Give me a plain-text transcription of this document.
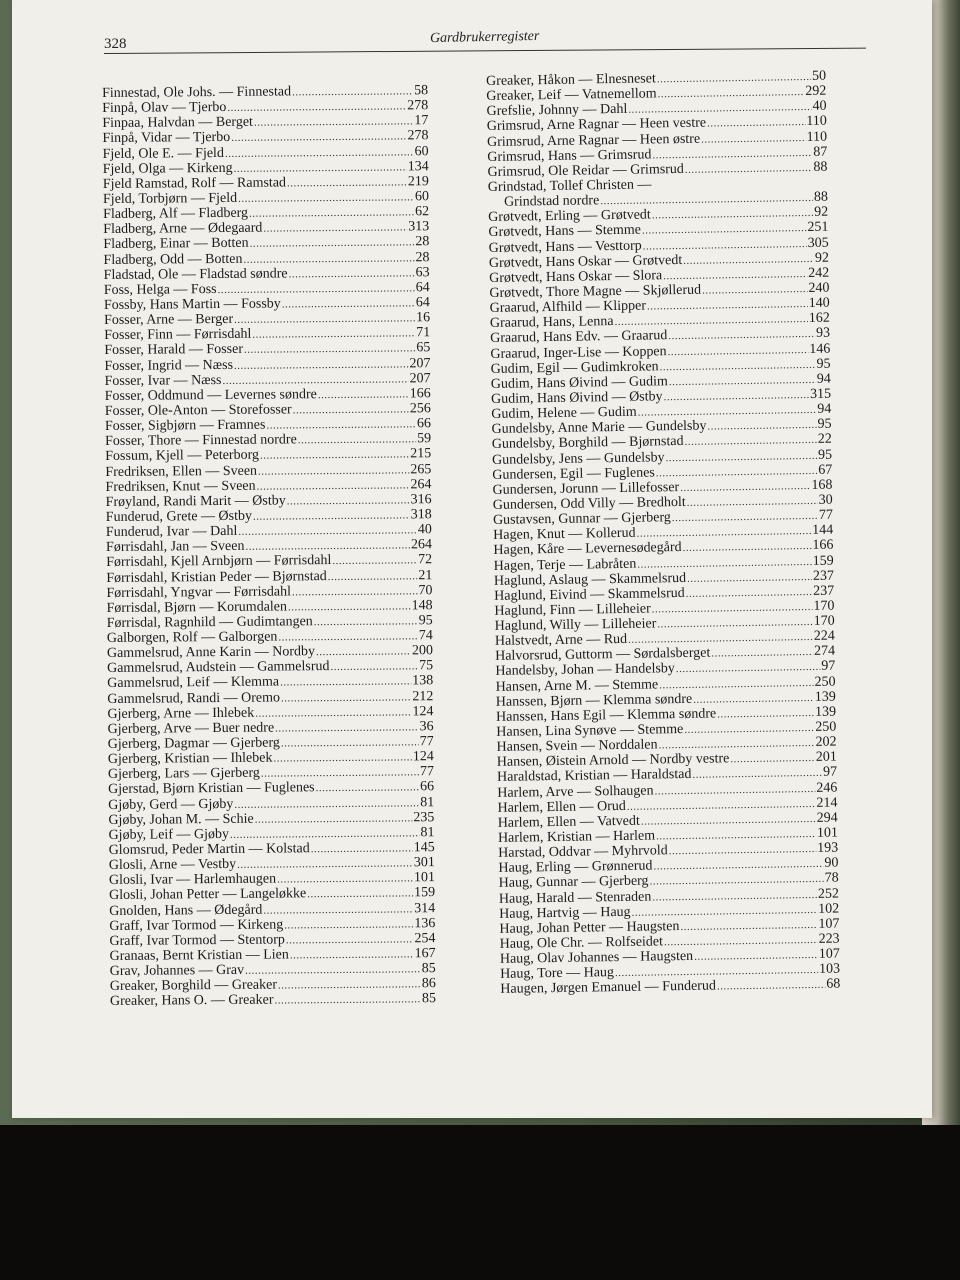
328	Gardbrukerregister
Finnestad, Ole Johs. — Finnestad .....	58
Finpå, Olav — Tjerbo .....	278
Finpaa, Halvdan — Berget .....	17
Finpå, Vidar — Tjerbo .....	278
Fjeld, Ole E. — Fjeld .....	60
Fjeld, Olga — Kirkeng .....	134
Fjeld Ramstad, Rolf — Ramstad .....	219
Fjeld, Torbjørn — Fjeld .....	60
Fladberg, Alf — Fladberg .....	62
Fladberg, Arne — Ødegaard .....	313
Fladberg, Einar — Botten .....	28
Fladberg, Odd — Botten .....	28
Fladstad, Ole — Fladstad søndre .....	63
Foss, Helga — Foss .....	64
Fossby, Hans Martin — Fossby .....	64
Fosser, Arne — Berger .....	16
Fosser, Finn — Førrisdahl .....	71
Fosser, Harald — Fosser .....	65
Fosser, Ingrid — Næss .....	207
Fosser, Ivar — Næss .....	207
Fosser, Oddmund — Levernes søndre .....	166
Fosser, Ole-Anton — Storefosser .....	256
Fosser, Sigbjørn — Framnes .....	66
Fosser, Thore — Finnestad nordre .....	59
Fossum, Kjell — Peterborg .....	215
Fredriksen, Ellen — Sveen .....	265
Fredriksen, Knut — Sveen .....	264
Frøyland, Randi Marit — Østby .....	316
Funderud, Grete — Østby .....	318
Funderud, Ivar — Dahl .....	40
Førrisdahl, Jan — Sveen .....	264
Førrisdahl, Kjell Arnbjørn — Førrisdahl .....	72
Førrisdahl, Kristian Peder — Bjørnstad .....	21
Førrisdahl, Yngvar — Førrisdahl .....	70
Førrisdal, Bjørn — Korumdalen .....	148
Førrisdal, Ragnhild — Gudimtangen .....	95
Galborgen, Rolf — Galborgen .....	74
Gammelsrud, Anne Karin — Nordby .....	200
Gammelsrud, Audstein — Gammelsrud .....	75
Gammelsrud, Leif — Klemma .....	138
Gammelsrud, Randi — Oremo .....	212
Gjerberg, Arne — Ihlebek .....	124
Gjerberg, Arve — Buer nedre .....	36
Gjerberg, Dagmar — Gjerberg .....	77
Gjerberg, Kristian — Ihlebek .....	124
Gjerberg, Lars — Gjerberg .....	77
Gjerstad, Bjørn Kristian — Fuglenes .....	66
Gjøby, Gerd — Gjøby .....	81
Gjøby, Johan M. — Schie .....	235
Gjøby, Leif — Gjøby .....	81
Glomsrud, Peder Martin — Kolstad .....	145
Glosli, Arne — Vestby .....	301
Glosli, Ivar — Harlemhaugen .....	101
Glosli, Johan Petter — Langeløkke .....	159
Gnolden, Hans — Ødegård .....	314
Graff, Ivar Tormod — Kirkeng .....	136
Graff, Ivar Tormod — Stentorp .....	254
Granaas, Bernt Kristian — Lien .....	167
Grav, Johannes — Grav .....	85
Greaker, Borghild — Greaker .....	86
Greaker, Hans O. — Greaker .....	85
Greaker, Håkon — Elnesneset .....	50
Greaker, Leif — Vatnemellom .....	292
Grefslie, Johnny — Dahl .....	40
Grimsrud, Arne Ragnar — Heen vestre .....	110
Grimsrud, Arne Ragnar — Heen østre .....	110
Grimsrud, Hans — Grimsrud .....	87
Grimsrud, Ole Reidar — Grimsrud .....	88
Grindstad, Tollef Christen —
Grindstad nordre .....	88
Grøtvedt, Erling — Grøtvedt .....	92
Grøtvedt, Hans — Stemme .....	251
Grøtvedt, Hans — Vesttorp .....	305
Grøtvedt, Hans Oskar — Grøtvedt .....	92
Grøtvedt, Hans Oskar — Slora .....	242
Grøtvedt, Thore Magne — Skjøllerud .....	240
Graarud, Alfhild — Klipper .....	140
Graarud, Hans, Lenna .....	162
Graarud, Hans Edv. — Graarud .....	93
Graarud, Inger-Lise — Koppen .....	146
Gudim, Egil — Gudimkroken .....	95
Gudim, Hans Øivind — Gudim .....	94
Gudim, Hans Øivind — Østby .....	315
Gudim, Helene — Gudim .....	94
Gundelsby, Anne Marie — Gundelsby .....	95
Gundelsby, Borghild — Bjørnstad .....	22
Gundelsby, Jens — Gundelsby .....	95
Gundersen, Egil — Fuglenes .....	67
Gundersen, Jorunn — Lillefosser .....	168
Gundersen, Odd Villy — Bredholt .....	30
Gustavsen, Gunnar — Gjerberg .....	77
Hagen, Knut — Kollerud .....	144
Hagen, Kåre — Levernesødegård .....	166
Hagen, Terje — Labråten .....	159
Haglund, Aslaug — Skammelsrud .....	237
Haglund, Eivind — Skammelsrud .....	237
Haglund, Finn — Lilleheier .....	170
Haglund, Willy — Lilleheier .....	170
Halstvedt, Arne — Rud .....	224
Halvorsrud, Guttorm — Sørdalsberget .....	274
Handelsby, Johan — Handelsby .....	97
Hansen, Arne M. — Stemme .....	250
Hanssen, Bjørn — Klemma søndre .....	139
Hanssen, Hans Egil — Klemma søndre .....	139
Hansen, Lina Synøve — Stemme .....	250
Hansen, Svein — Norddalen .....	202
Hansen, Øistein Arnold — Nordby vestre .....	201
Haraldstad, Kristian — Haraldstad .....	97
Harlem, Arve — Solhaugen .....	246
Harlem, Ellen — Orud .....	214
Harlem, Ellen — Vatvedt .....	294
Harlem, Kristian — Harlem .....	101
Harstad, Oddvar — Myhrvold .....	193
Haug, Erling — Grønnerud .....	90
Haug, Gunnar — Gjerberg .....	78
Haug, Harald — Stenraden .....	252
Haug, Hartvig — Haug .....	102
Haug, Johan Petter — Haugsten .....	107
Haug, Ole Chr. — Rolfseidet .....	223
Haug, Olav Johannes — Haugsten .....	107
Haug, Tore — Haug .....	103
Haugen, Jørgen Emanuel — Funderud .....	68
